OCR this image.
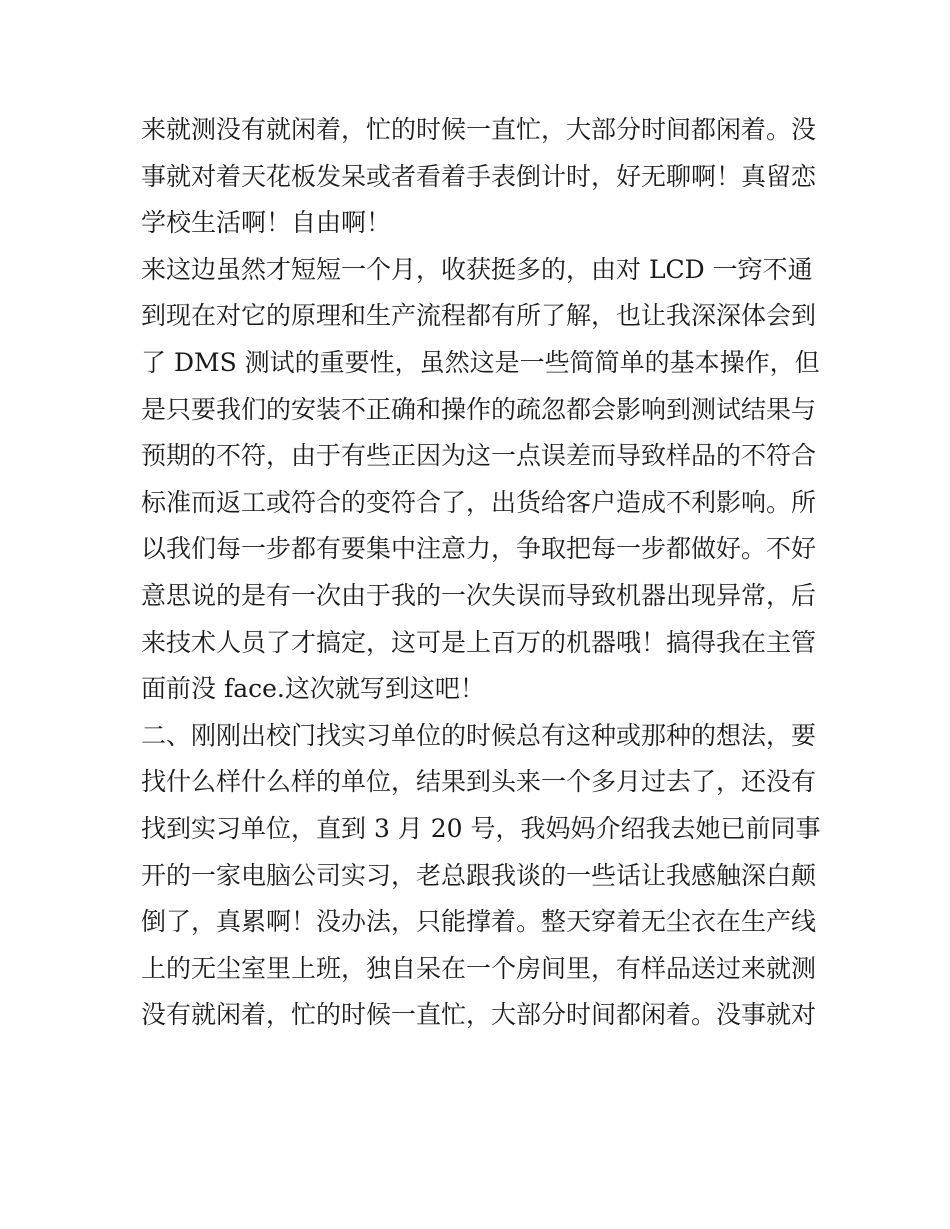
来就测没有就闲着，忙的时候一直忙，大部分时间都闲着。没
事就对着天花板发呆或者看着手表倒计时，好无聊啊！真留恋
学校生活啊！自由啊！
来这边虽然才短短一个月，收获挺多的，由对 LCD 一窍不通
到现在对它的原理和生产流程都有所了解，也让我深深体会到
了 DMS 测试的重要性，虽然这是一些简简单的基本操作，但
是只要我们的安装不正确和操作的疏忽都会影响到测试结果与
预期的不符，由于有些正因为这一点误差而导致样品的不符合
标准而返工或符合的变符合了，出货给客户造成不利影响。所
以我们每一步都有要集中注意力，争取把每一步都做好。不好
意思说的是有一次由于我的一次失误而导致机器出现异常，后
来技术人员了才搞定，这可是上百万的机器哦！搞得我在主管
面前没 face.这次就写到这吧！
二、刚刚出校门找实习单位的时候总有这种或那种的想法，要
找什么样什么样的单位，结果到头来一个多月过去了，还没有
找到实习单位，直到 3 月 20 号，我妈妈介绍我去她已前同事
开的一家电脑公司实习，老总跟我谈的一些话让我感触深白颠
倒了，真累啊！没办法，只能撑着。整天穿着无尘衣在生产线
上的无尘室里上班，独自呆在一个房间里，有样品送过来就测
没有就闲着，忙的时候一直忙，大部分时间都闲着。没事就对
